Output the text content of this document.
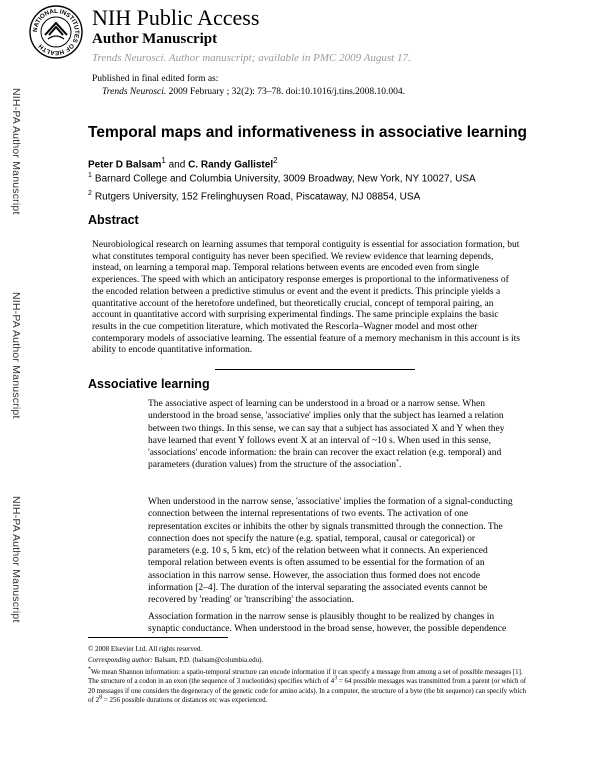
NATIONAL INSTITUTES OF HEALTH
NIH Public Access
Author Manuscript
Trends Neurosci. Author manuscript; available in PMC 2009 August 17.
Published in final edited form as:
Trends Neurosci. 2009 February ; 32(2): 73–78. doi:10.1016/j.tins.2008.10.004.
NIH-PA Author Manuscript
NIH-PA Author Manuscript
NIH-PA Author Manuscript
Temporal maps and informativeness in associative learning
Peter D Balsam$^1$ and C. Randy Gallistel$^2$
$^1$ Barnard College and Columbia University, 3009 Broadway, New York, NY 10027, USA
$^2$ Rutgers University, 152 Frelinghuysen Road, Piscataway, NJ 08854, USA
Abstract

Neurobiological research on learning assumes that temporal contiguity is essential for association formation, but what constitutes temporal contiguity has never been specified. We review evidence that learning depends, instead, on learning a temporal map. Temporal relations between events are encoded even from single experiences. The speed with which an anticipatory response emerges is proportional to the informativeness of the encoded relation between a predictive stimulus or event and the event it predicts. This principle yields a quantitative account of the heretofore undefined, but theoretically crucial, concept of temporal pairing, an account in quantitative accord with surprising experimental findings. The same principle explains the basic results in the cue competition literature, which motivated the Rescorla–Wagner model and most other contemporary models of associative learning. The essential feature of a memory mechanism in this account is its ability to encode quantitative information.

Associative learning

The associative aspect of learning can be understood in a broad or a narrow sense. When understood in the broad sense, 'associative' implies only that the subject has learned a relation between two things. In this sense, we can say that a subject has associated X and Y when they have learned that event Y follows event X at an interval of ~10 s. When used in this sense, 'associations' encode information: the brain can recover the exact relation (e.g. temporal) and parameters (duration values) from the structure of the association*.

When understood in the narrow sense, 'associative' implies the formation of a signal-conducting connection between the internal representations of two events. The activation of one representation excites or inhibits the other by signals transmitted through the connection. The connection does not specify the nature (e.g. spatial, temporal, causal or categorical) or parameters (e.g. 10 s, 5 km, etc) of the relation between what it connects. An experienced temporal relation between events is often assumed to be essential for the formation of an association in this narrow sense. However, the association thus formed does not encode information [2–4]. The duration of the interval separating the associated events cannot be recovered by 'reading' or 'transcribing' the association.

Association formation in the narrow sense is plausibly thought to be realized by changes in synaptic conductance. When understood in the broad sense, however, the possible dependence

© 2008 Elsevier Ltd. All rights reserved.

Corresponding author: Balsam, P.D. (balsam@columbia.edu).

*We mean Shannon information: a spatio-temporal structure can encode information if it can specify a message from among a set of possible messages [1]. The structure of a codon in an exon (the sequence of 3 nucleotides) specifies which of 43 = 64 possible messages was transmitted from a parent (or which of 20 messages if one considers the degeneracy of the genetic code for amino acids). In a computer, the structure of a byte (the bit sequence) can specify which of 28 = 256 possible durations or distances etc was experienced.
